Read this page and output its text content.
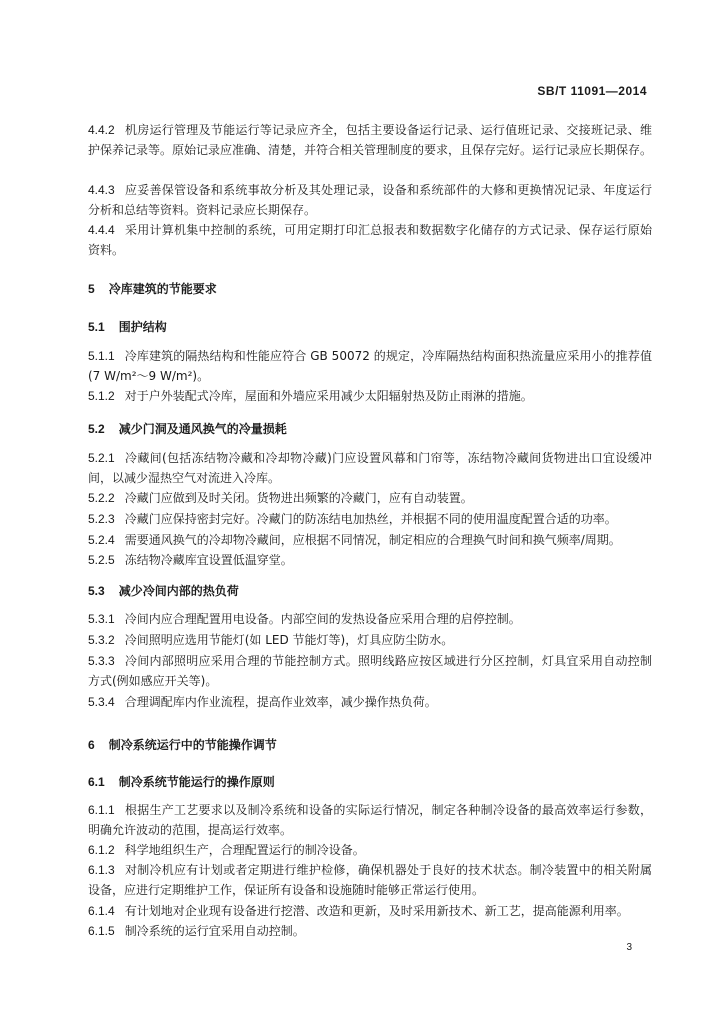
SB/T 11091—2014
4.4.2 机房运行管理及节能运行等记录应齐全，包括主要设备运行记录、运行值班记录、交接班记录、维护保养记录等。原始记录应准确、清楚，并符合相关管理制度的要求，且保存完好。运行记录应长期保存。
4.4.3 应妥善保管设备和系统事故分析及其处理记录，设备和系统部件的大修和更换情况记录、年度运行分析和总结等资料。资料记录应长期保存。
4.4.4 采用计算机集中控制的系统，可用定期打印汇总报表和数据数字化储存的方式记录、保存运行原始资料。
5 冷库建筑的节能要求
5.1 围护结构
5.1.1 冷库建筑的隔热结构和性能应符合 GB 50072 的规定，冷库隔热结构面积热流量应采用小的推荐值(7 W/m²～9 W/m²)。
5.1.2 对于户外装配式冷库，屋面和外墙应采用减少太阳辐射热及防止雨淋的措施。
5.2 减少门洞及通风换气的冷量损耗
5.2.1 冷藏间(包括冻结物冷藏和冷却物冷藏)门应设置风幕和门帘等，冻结物冷藏间货物进出口宜设缓冲间，以减少湿热空气对流进入冷库。
5.2.2 冷藏门应做到及时关闭。货物进出频繁的冷藏门，应有自动装置。
5.2.3 冷藏门应保持密封完好。冷藏门的防冻结电加热丝，并根据不同的使用温度配置合适的功率。
5.2.4 需要通风换气的冷却物冷藏间，应根据不同情况，制定相应的合理换气时间和换气频率/周期。
5.2.5 冻结物冷藏库宜设置低温穿堂。
5.3 减少冷间内部的热负荷
5.3.1 冷间内应合理配置用电设备。内部空间的发热设备应采用合理的启停控制。
5.3.2 冷间照明应选用节能灯(如 LED 节能灯等)，灯具应防尘防水。
5.3.3 冷间内部照明应采用合理的节能控制方式。照明线路应按区域进行分区控制，灯具宜采用自动控制方式(例如感应开关等)。
5.3.4 合理调配库内作业流程，提高作业效率，减少操作热负荷。
6 制冷系统运行中的节能操作调节
6.1 制冷系统节能运行的操作原则
6.1.1 根据生产工艺要求以及制冷系统和设备的实际运行情况，制定各种制冷设备的最高效率运行参数，明确允许波动的范围，提高运行效率。
6.1.2 科学地组织生产，合理配置运行的制冷设备。
6.1.3 对制冷机应有计划或者定期进行维护检修，确保机器处于良好的技术状态。制冷装置中的相关附属设备，应进行定期维护工作，保证所有设备和设施随时能够正常运行使用。
6.1.4 有计划地对企业现有设备进行挖潜、改造和更新，及时采用新技术、新工艺，提高能源利用率。
6.1.5 制冷系统的运行宜采用自动控制。
3
